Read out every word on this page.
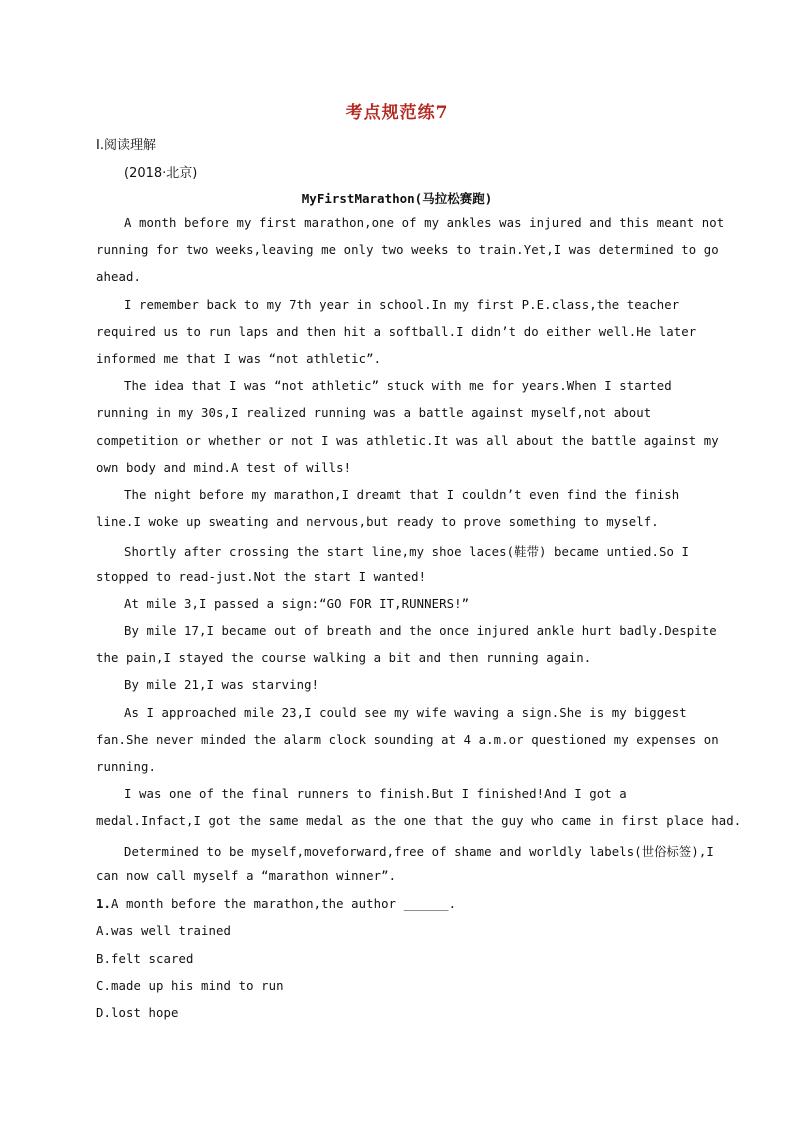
考点规范练7
Ⅰ.阅读理解
(2018·北京)
MyFirstMarathon(马拉松赛跑)
A month before my first marathon,one of my ankles was injured and this meant not
running for two weeks,leaving me only two weeks to train.Yet,I was determined to go
ahead.
I remember back to my 7th year in school.In my first P.E.class,the teacher
required us to run laps and then hit a softball.I didn’t do either well.He later
informed me that I was “not athletic”.
The idea that I was “not athletic” stuck with me for years.When I started
running in my 30s,I realized running was a battle against myself,not about
competition or whether or not I was athletic.It was all about the battle against my
own body and mind.A test of wills!
The night before my marathon,I dreamt that I couldn’t even find the finish
line.I woke up sweating and nervous,but ready to prove something to myself.
Shortly after crossing the start line,my shoe laces(鞋带) became untied.So I
stopped to read-just.Not the start I wanted!
At mile 3,I passed a sign:“GO FOR IT,RUNNERS!”
By mile 17,I became out of breath and the once injured ankle hurt badly.Despite
the pain,I stayed the course walking a bit and then running again.
By mile 21,I was starving!
As I approached mile 23,I could see my wife waving a sign.She is my biggest
fan.She never minded the alarm clock sounding at 4 a.m.or questioned my expenses on
running.
I was one of the final runners to finish.But I finished!And I got a
medal.Infact,I got the same medal as the one that the guy who came in first place had.
Determined to be myself,moveforward,free of shame and worldly labels(世俗标签),I
can now call myself a “marathon winner”.
1.A month before the marathon,the author ______.
A.was well trained
B.felt scared
C.made up his mind to run
D.lost hope
